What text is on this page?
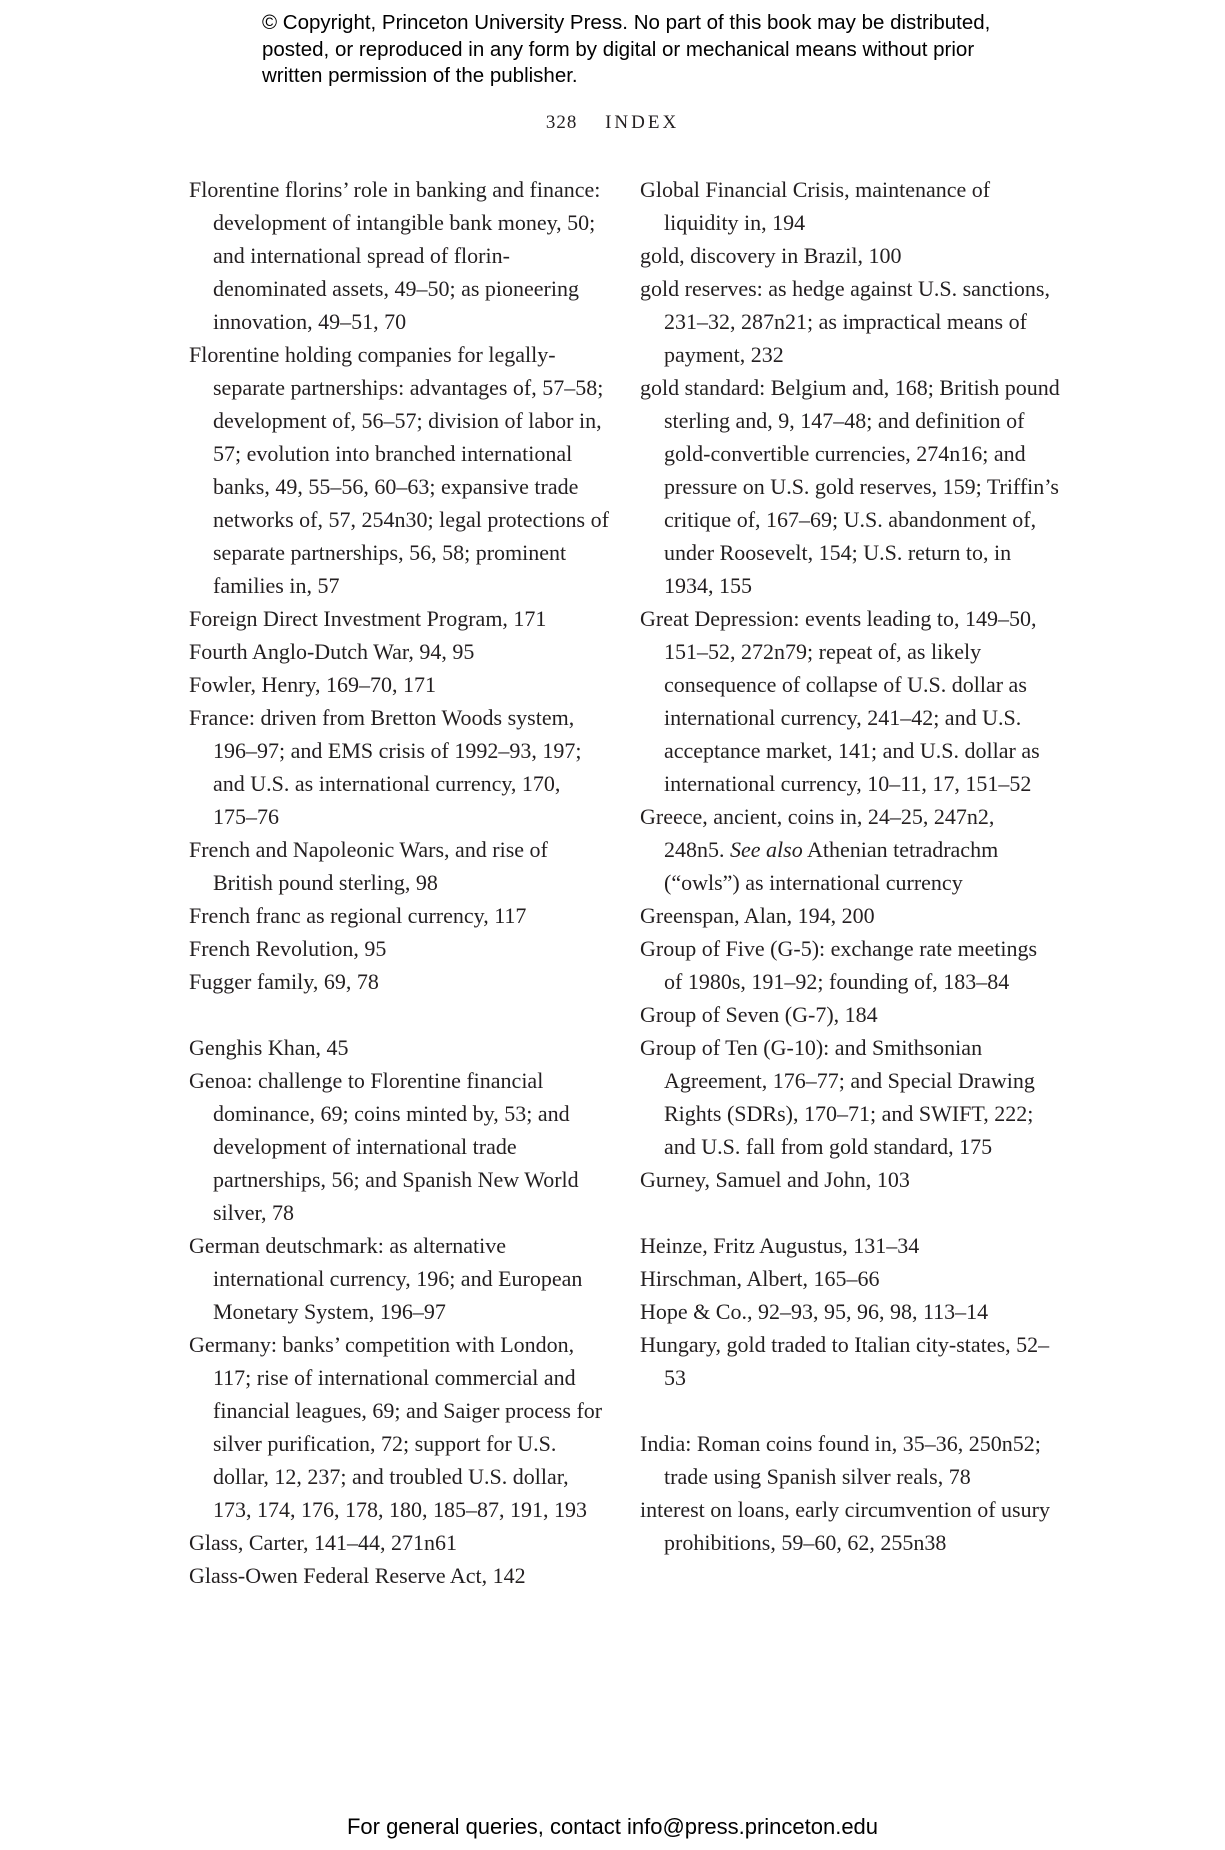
© Copyright, Princeton University Press. No part of this book may be distributed, posted, or reproduced in any form by digital or mechanical means without prior written permission of the publisher.
328 INDEX

Florentine florins’ role in banking and finance: development of intangible bank money, 50; and international spread of florin-denominated assets, 49–50; as pioneering innovation, 49–51, 70

Florentine holding companies for legally-separate partnerships: advantages of, 57–58; development of, 56–57; division of labor in, 57; evolution into branched international banks, 49, 55–56, 60–63; expansive trade networks of, 57, 254n30; legal protections of separate partnerships, 56, 58; prominent families in, 57

Foreign Direct Investment Program, 171

Fourth Anglo-Dutch War, 94, 95

Fowler, Henry, 169–70, 171

France: driven from Bretton Woods system, 196–97; and EMS crisis of 1992–93, 197; and U.S. as international currency, 170, 175–76

French and Napoleonic Wars, and rise of British pound sterling, 98

French franc as regional currency, 117

French Revolution, 95

Fugger family, 69, 78

Genghis Khan, 45

Genoa: challenge to Florentine financial dominance, 69; coins minted by, 53; and development of international trade partnerships, 56; and Spanish New World silver, 78

German deutschmark: as alternative international currency, 196; and European Monetary System, 196–97

Germany: banks’ competition with London, 117; rise of international commercial and financial leagues, 69; and Saiger process for silver purification, 72; support for U.S. dollar, 12, 237; and troubled U.S. dollar, 173, 174, 176, 178, 180, 185–87, 191, 193

Glass, Carter, 141–44, 271n61

Glass-Owen Federal Reserve Act, 142

Global Financial Crisis, maintenance of liquidity in, 194

gold, discovery in Brazil, 100

gold reserves: as hedge against U.S. sanctions, 231–32, 287n21; as impractical means of payment, 232

gold standard: Belgium and, 168; British pound sterling and, 9, 147–48; and definition of gold-convertible currencies, 274n16; and pressure on U.S. gold reserves, 159; Triffin’s critique of, 167–69; U.S. abandonment of, under Roosevelt, 154; U.S. return to, in 1934, 155

Great Depression: events leading to, 149–50, 151–52, 272n79; repeat of, as likely consequence of collapse of U.S. dollar as international currency, 241–42; and U.S. acceptance market, 141; and U.S. dollar as international currency, 10–11, 17, 151–52

Greece, ancient, coins in, 24–25, 247n2, 248n5. See also Athenian tetradrachm (“owls”) as international currency

Greenspan, Alan, 194, 200

Group of Five (G-5): exchange rate meetings of 1980s, 191–92; founding of, 183–84

Group of Seven (G-7), 184

Group of Ten (G-10): and Smithsonian Agreement, 176–77; and Special Drawing Rights (SDRs), 170–71; and SWIFT, 222; and U.S. fall from gold standard, 175

Gurney, Samuel and John, 103

Heinze, Fritz Augustus, 131–34

Hirschman, Albert, 165–66

Hope & Co., 92–93, 95, 96, 98, 113–14

Hungary, gold traded to Italian city-states, 52–53

India: Roman coins found in, 35–36, 250n52; trade using Spanish silver reals, 78

interest on loans, early circumvention of usury prohibitions, 59–60, 62, 255n38

For general queries, contact info@press.princeton.edu
